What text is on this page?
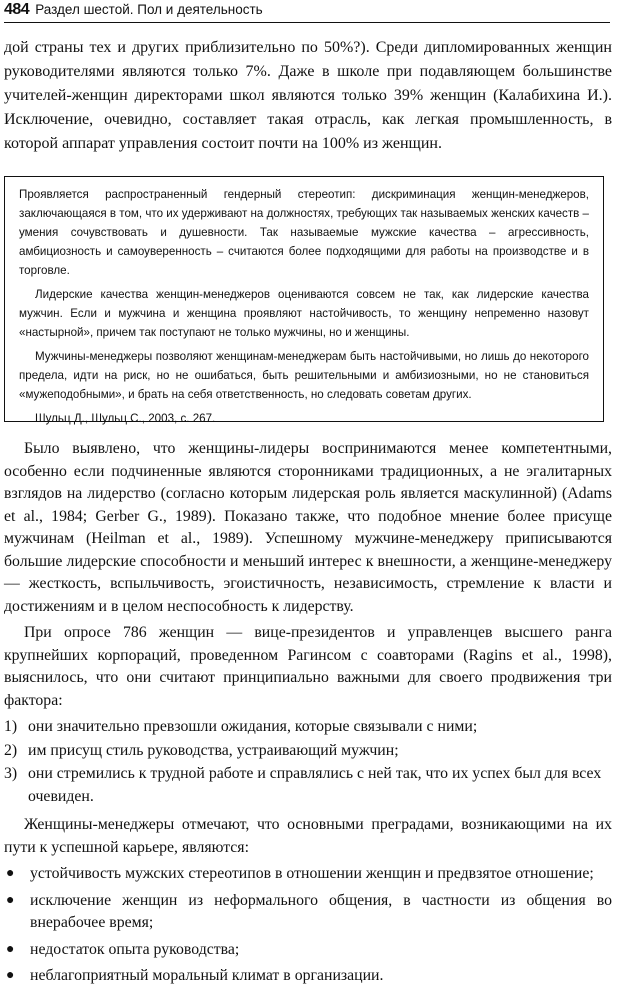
484 Раздел шестой. Пол и деятельность

дой страны тех и других приблизительно по 50%?). Среди дипломированных женщин руководителями являются только 7%. Даже в школе при подавляющем большинстве учителей-женщин директорами школ являются только 39% женщин (Калабихина И.). Исключение, очевидно, составляет такая отрасль, как легкая промышленность, в которой аппарат управления состоит почти на 100% из женщин.

Проявляется распространенный гендерный стереотип: дискриминация женщин-менеджеров, заключающаяся в том, что их удерживают на должностях, требующих так называемых женских качеств – умения сочувствовать и душевности. Так называемые мужские качества – агрессивность, амбициозность и самоуверенность – считаются более подходящими для работы на производстве и в торговле.

Лидерские качества женщин-менеджеров оцениваются совсем не так, как лидерские качества мужчин. Если и мужчина и женщина проявляют настойчивость, то женщину непременно назовут «настырной», причем так поступают не только мужчины, но и женщины.

Мужчины-менеджеры позволяют женщинам-менеджерам быть настойчивыми, но лишь до некоторого предела, идти на риск, но не ошибаться, быть решительными и амбизиозными, но не становиться «мужеподобными», и брать на себя ответственность, но следовать советам других.

Шульц Д., Шульц С., 2003, с. 267.

Было выявлено, что женщины-лидеры воспринимаются менее компетентными, особенно если подчиненные являются сторонниками традиционных, а не эгалитарных взглядов на лидерство (согласно которым лидерская роль является маскулинной) (Adams et al., 1984; Gerber G., 1989). Показано также, что подобное мнение более присуще мужчинам (Heilman et al., 1989). Успешному мужчине-менеджеру приписываются большие лидерские способности и меньший интерес к внешности, а женщине-менеджеру — жесткость, вспыльчивость, эгоистичность, независимость, стремление к власти и достижениям и в целом неспособность к лидерству.

При опросе 786 женщин — вице-президентов и управленцев высшего ранга крупнейших корпораций, проведенном Рагинсом с соавторами (Ragins et al., 1998), выяснилось, что они считают принципиально важными для своего продвижения три фактора:

1) они значительно превзошли ожидания, которые связывали с ними;
2) им присущ стиль руководства, устраивающий мужчин;
3) они стремились к трудной работе и справлялись с ней так, что их успех был для всех очевиден.

Женщины-менеджеры отмечают, что основными преградами, возникающими на их пути к успешной карьере, являются:

● устойчивость мужских стереотипов в отношении женщин и предвзятое отношение;
● исключение женщин из неформального общения, в частности из общения во внерабочее время;
● недостаток опыта руководства;
● неблагоприятный моральный климат в организации.
